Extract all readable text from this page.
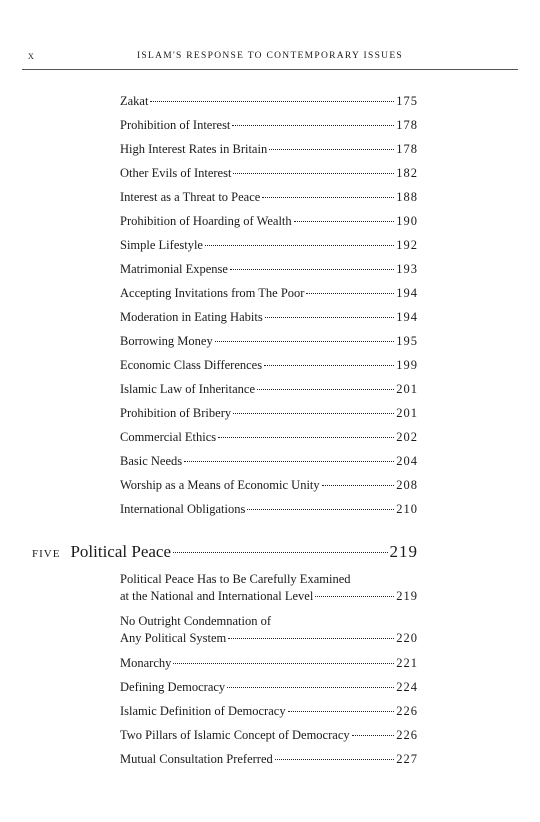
x	ISLAM'S RESPONSE TO CONTEMPORARY ISSUES
Zakat	175
Prohibition of Interest	178
High Interest Rates in Britain	178
Other Evils of Interest	182
Interest as a Threat to Peace	188
Prohibition of Hoarding of Wealth	190
Simple Lifestyle	192
Matrimonial Expense	193
Accepting Invitations from The Poor	194
Moderation in Eating Habits	194
Borrowing Money	195
Economic Class Differences	199
Islamic Law of Inheritance	201
Prohibition of Bribery	201
Commercial Ethics	202
Basic Needs	204
Worship as a Means of Economic Unity	208
International Obligations	210
FIVE Political Peace	219
Political Peace Has to Be Carefully Examined
at the National and International Level	219
No Outright Condemnation of
Any Political System	220
Monarchy	221
Defining Democracy	224
Islamic Definition of Democracy	226
Two Pillars of Islamic Concept of Democracy	226
Mutual Consultation Preferred	227
